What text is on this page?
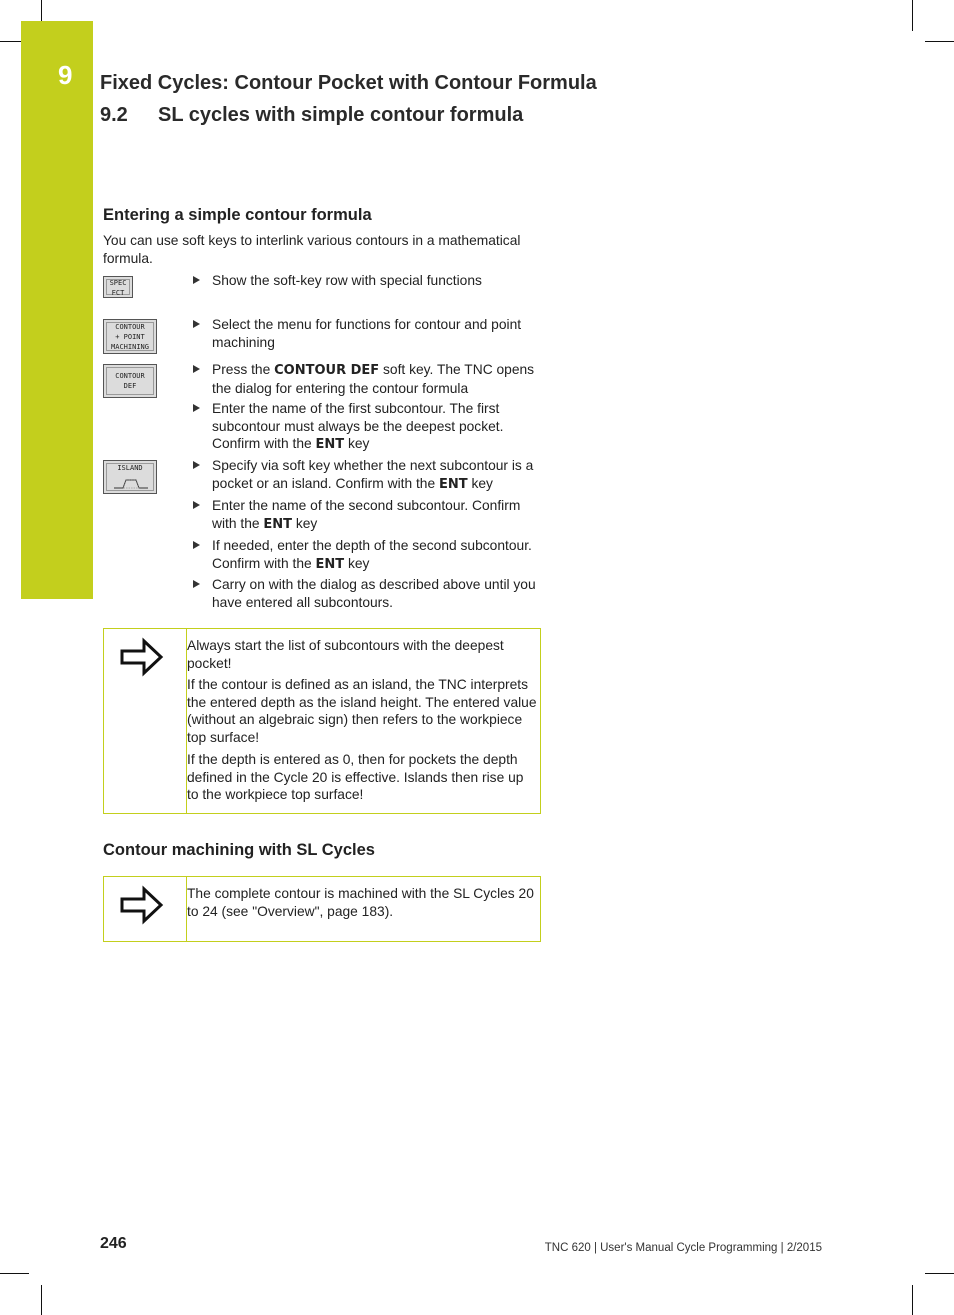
9 Fixed Cycles: Contour Pocket with Contour Formula
9.2 SL cycles with simple contour formula
Entering a simple contour formula

You can use soft keys to interlink various contours in a mathematical formula.

SPEC
FCT
CONTOUR
+ POINT
MACHINING
CONTOUR
DEF
ISLAND
Show the soft-key row with special functions
Select the menu for functions for contour and point machining
Press the CONTOUR DEF soft key. The TNC opens the dialog for entering the contour formula
Enter the name of the first subcontour. The first subcontour must always be the deepest pocket. Confirm with the ENT key
Specify via soft key whether the next subcontour is a pocket or an island. Confirm with the ENT key
Enter the name of the second subcontour. Confirm with the ENT key
If needed, enter the depth of the second subcontour. Confirm with the ENT key
Carry on with the dialog as described above until you have entered all subcontours.

Always start the list of subcontours with the deepest pocket!

If the contour is defined as an island, the TNC interprets the entered depth as the island height. The entered value (without an algebraic sign) then refers to the workpiece top surface!

If the depth is entered as 0, then for pockets the depth defined in the Cycle 20 is effective. Islands then rise up to the workpiece top surface!

Contour machining with SL Cycles

The complete contour is machined with the SL Cycles 20 to 24 (see "Overview", page 183).

246	TNC 620 | User's Manual Cycle Programming | 2/2015
